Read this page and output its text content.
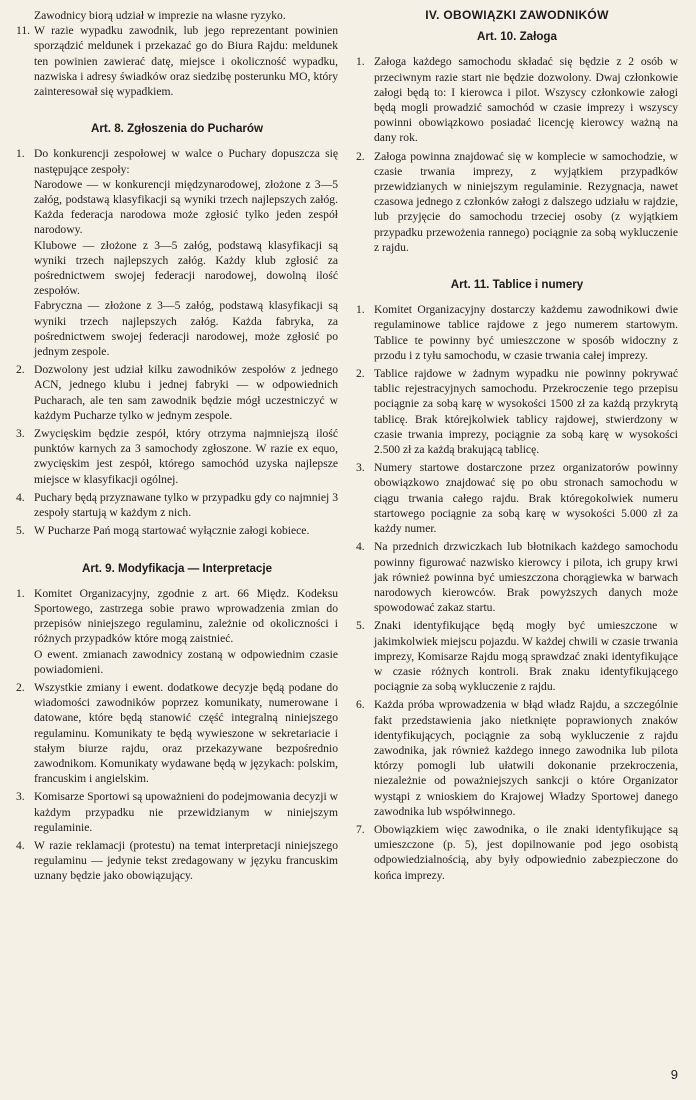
Zawodnicy biorą udział w imprezie na własne ryzyko.

11. W razie wypadku zawodnik, lub jego reprezentant powinien sporządzić meldunek i przekazać go do Biura Rajdu: meldunek ten powinien zawierać datę, miejsce i okoliczność wypadku, nazwiska i adresy świadków oraz siedzibę posterunku MO, który zainteresował się wypadkiem.
Art. 8. Zgłoszenia do Pucharów
1. Do konkurencji zespołowej w walce o Puchary dopuszcza się następujące zespoły:
Narodowe — w konkurencji międzynarodowej, złożone z 3—5 załóg, podstawą klasyfikacji są wyniki trzech najlepszych załóg. Każda federacja narodowa może zgłosić tylko jeden zespół narodowy.
Klubowe — złożone z 3—5 załóg, podstawą klasyfikacji są wyniki trzech najlepszych załóg. Każdy klub zgłosić za pośrednictwem swojej federacji narodowej, dowolną ilość zespołów.
Fabryczna — złożone z 3—5 załóg, podstawą klasyfikacji są wyniki trzech najlepszych załóg. Każda fabryka, za pośrednictwem swojej federacji narodowej, może zgłosić po jednym zespole.
2. Dozwolony jest udział kilku zawodników zespołów z jednego ACN, jednego klubu i jednej fabryki — w odpowiednich Pucharach, ale ten sam zawodnik będzie mógł uczestniczyć w każdym Pucharze tylko w jednym zespole.
3. Zwycięskim będzie zespół, który otrzyma najmniejszą ilość punktów karnych za 3 samochody zgłoszone. W razie ex equo, zwycięskim jest zespół, którego samochód uzyska najlepsze miejsce w klasyfikacji ogólnej.
4. Puchary będą przyznawane tylko w przypadku gdy co najmniej 3 zespoły startują w każdym z nich.
5. W Pucharze Pań mogą startować wyłącznie załogi kobiece.
Art. 9. Modyfikacja — Interpretacje
1. Komitet Organizacyjny, zgodnie z art. 66 Międz. Kodeksu Sportowego, zastrzega sobie prawo wprowadzenia zmian do przepisów niniejszego regulaminu, zależnie od okoliczności i różnych przypadków które mogą zaistnieć.
O ewent. zmianach zawodnicy zostaną w odpowiednim czasie powiadomieni.
2. Wszystkie zmiany i ewent. dodatkowe decyzje będą podane do wiadomości zawodników poprzez komunikaty, numerowane i datowane, które będą stanowić część integralną niniejszego regulaminu. Komunikaty te będą wywieszone w sekretariacie i stałym biurze rajdu, oraz przekazywane bezpośrednio zawodnikom. Komunikaty wydawane będą w językach: polskim, francuskim i angielskim.
3. Komisarze Sportowi są upoważnieni do podejmowania decyzji w każdym przypadku nie przewidzianym w niniejszym regulaminie.
4. W razie reklamacji (protestu) na temat interpretacji niniejszego regulaminu — jedynie tekst zredagowany w języku francuskim uznany będzie jako obowiązujący.
IV. OBOWIĄZKI ZAWODNIKÓW
Art. 10. Załoga
1. Załoga każdego samochodu składać się będzie z 2 osób w przeciwnym razie start nie będzie dozwolony. Dwaj członkowie załogi będą to: I kierowca i pilot. Wszyscy członkowie załogi będą mogli prowadzić samochód w czasie imprezy i wszyscy powinni obowiązkowo posiadać licencję kierowcy ważną na dany rok.
2. Załoga powinna znajdować się w komplecie w samochodzie, w czasie trwania imprezy, z wyjątkiem przypadków przewidzianych w niniejszym regulaminie. Rezygnacja, nawet czasowa jednego z członków załogi z dalszego udziału w rajdzie, lub przyjęcie do samochodu trzeciej osoby (z wyjątkiem przypadku przewożenia rannego) pociągnie za sobą wykluczenie z rajdu.
Art. 11. Tablice i numery
1. Komitet Organizacyjny dostarczy każdemu zawodnikowi dwie regulaminowe tablice rajdowe z jego numerem startowym. Tablice te powinny być umieszczone w sposób widoczny z przodu i z tyłu samochodu, w czasie trwania całej imprezy.
2. Tablice rajdowe w żadnym wypadku nie powinny pokrywać tablic rejestracyjnych samochodu. Przekroczenie tego przepisu pociągnie za sobą karę w wysokości 1500 zł za każdą przykrytą tablicę. Brak którejkolwiek tablicy rajdowej, stwierdzony w czasie trwania imprezy, pociągnie za sobą karę w wysokości 2.500 zł za każdą brakującą tablicę.
3. Numery startowe dostarczone przez organizatorów powinny obowiązkowo znajdować się po obu stronach samochodu w ciągu trwania całego rajdu. Brak któregokolwiek numeru startowego pociągnie za sobą karę w wysokości 5.000 zł za każdy numer.
4. Na przednich drzwiczkach lub błotnikach każdego samochodu powinny figurować nazwisko kierowcy i pilota, ich grupy krwi jak również powinna być umieszczona chorągiewka w barwach narodowych kierowców. Brak powyższych danych może spowodować zakaz startu.
5. Znaki identyfikujące będą mogły być umieszczone w jakimkolwiek miejscu pojazdu. W każdej chwili w czasie trwania imprezy, Komisarze Rajdu mogą sprawdzać znaki identyfikujące w czasie różnych kontroli. Brak znaku identyfikującego pociągnie za sobą wykluczenie z rajdu.
6. Każda próba wprowadzenia w błąd władz Rajdu, a szczególnie fakt przedstawienia jako nietknięte poprawionych znaków identyfikujących, pociągnie za sobą wykluczenie z rajdu zawodnika, jak również każdego innego zawodnika lub pilota którzy pomogli lub ułatwili dokonanie przekroczenia, niezależnie od poważniejszych sankcji o które Organizator wystąpi z wnioskiem do Krajowej Władzy Sportowej danego zawodnika lub współwinnego.
7. Obowiązkiem więc zawodnika, o ile znaki identyfikujące są umieszczone (p. 5), jest dopilnowanie pod jego osobistą odpowiedzialnością, aby były odpowiednio zabezpieczone do końca imprezy.
9
